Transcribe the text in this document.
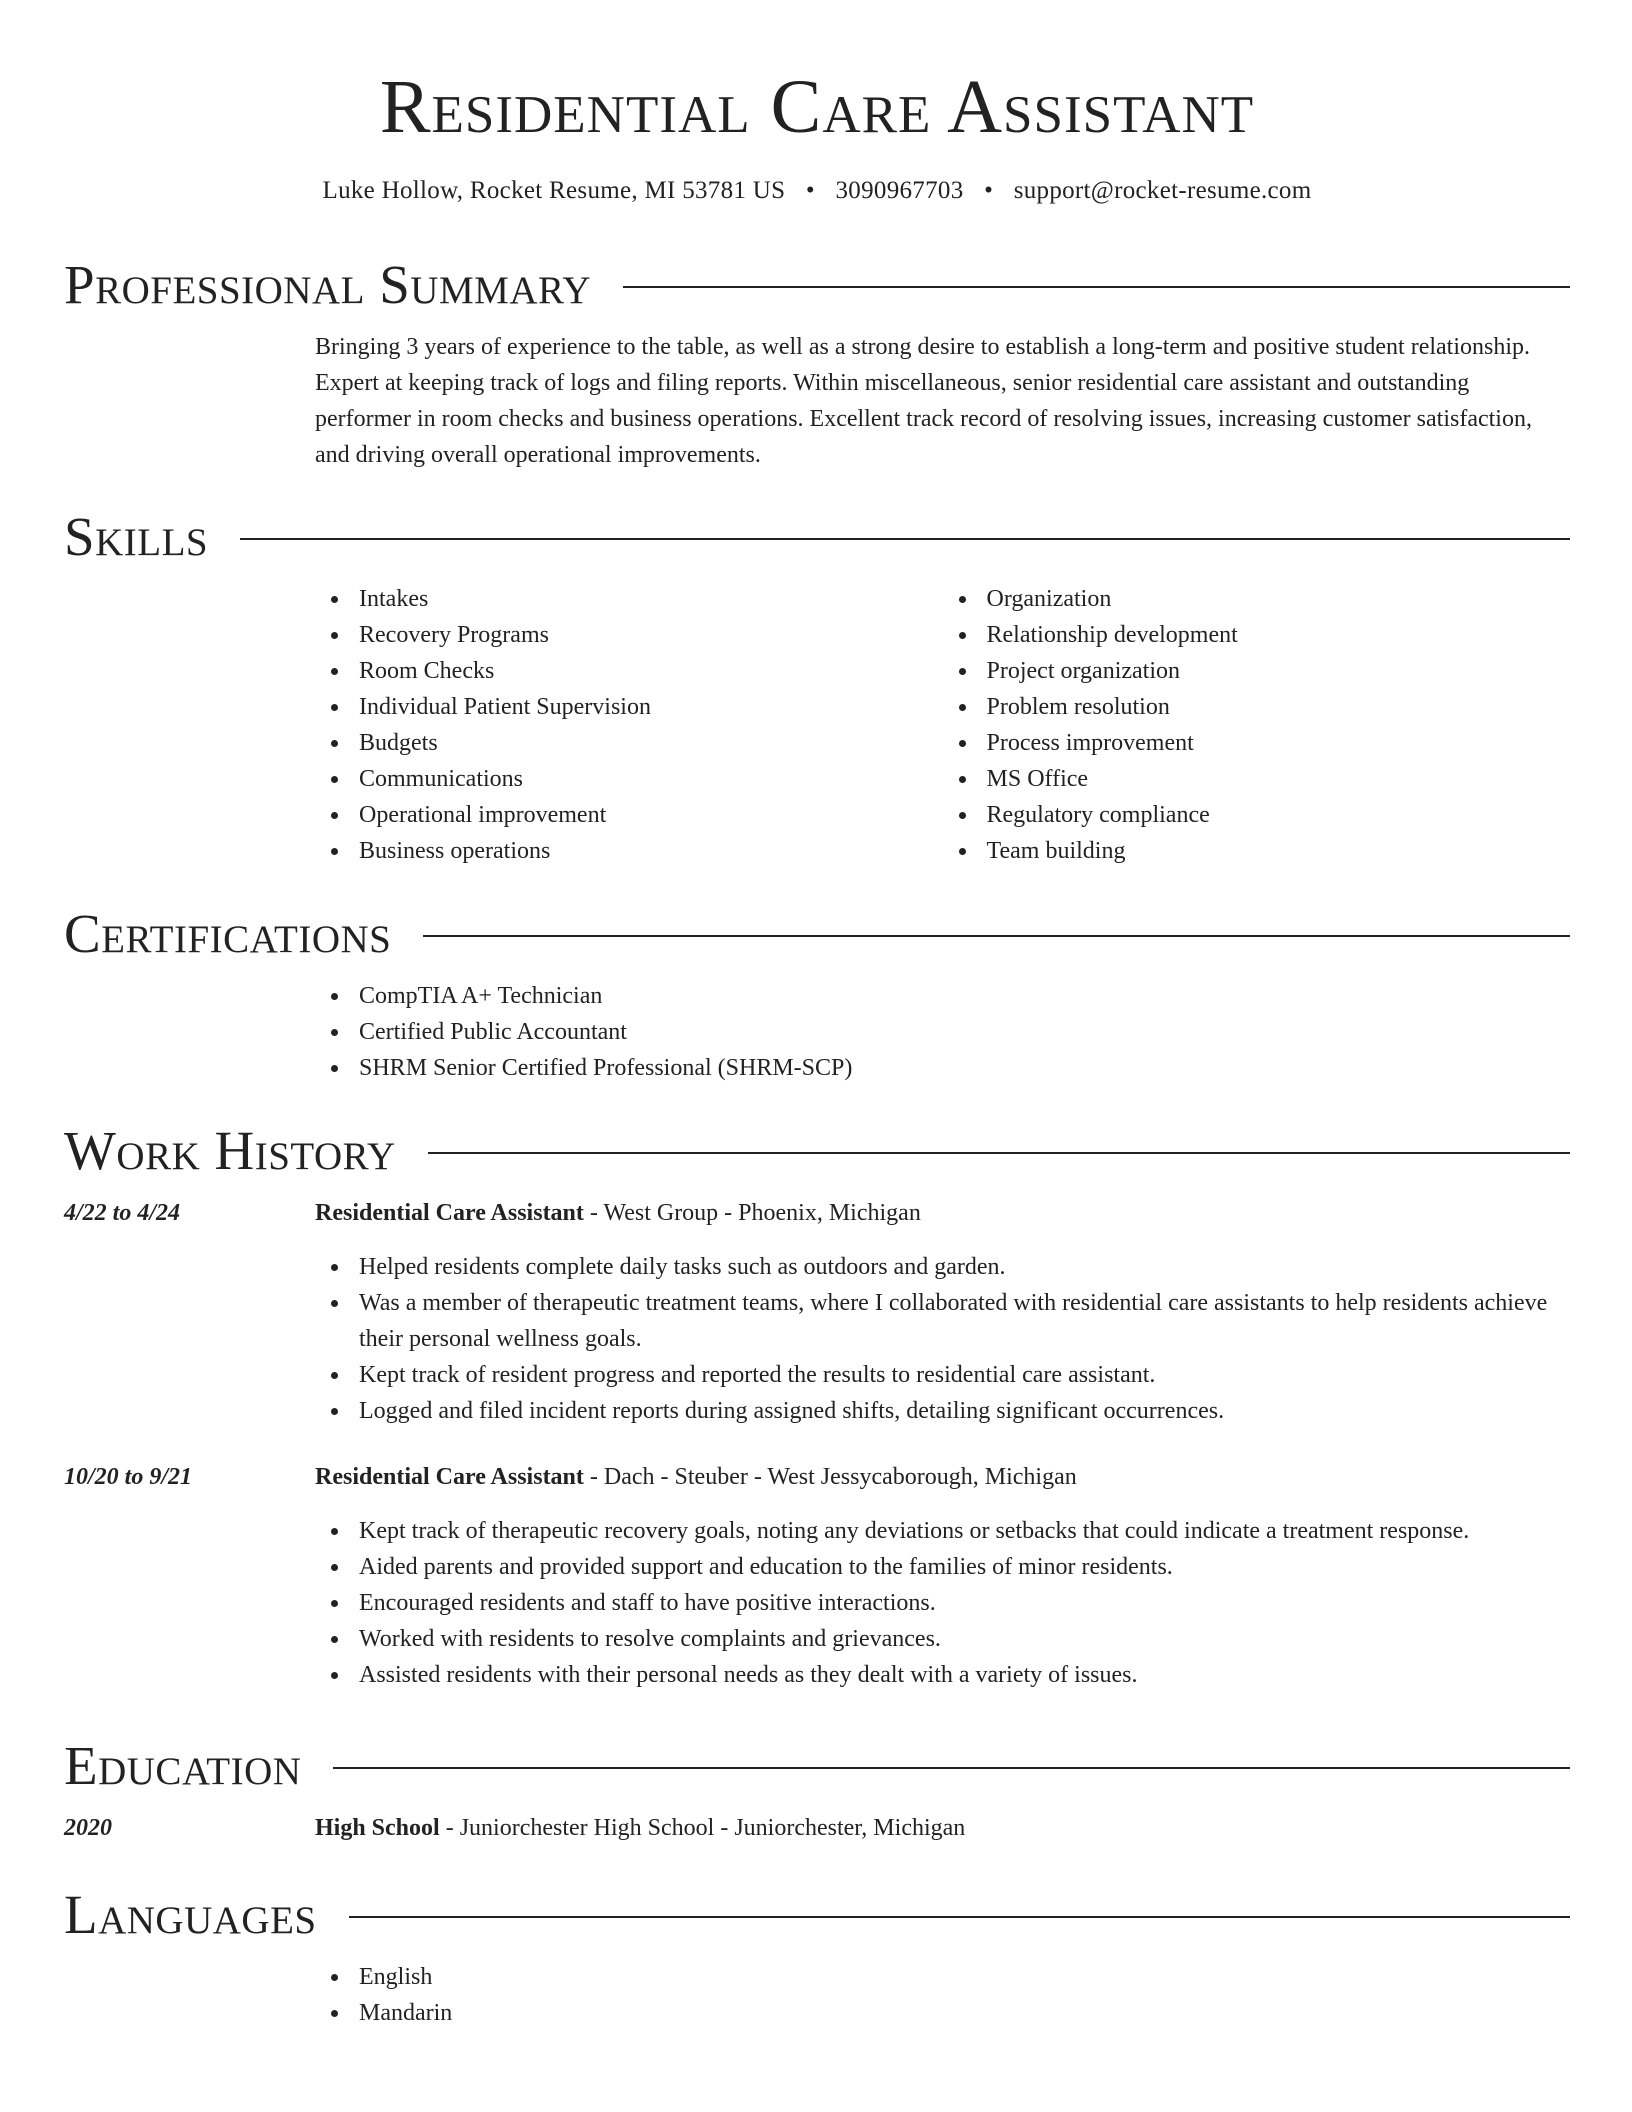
Residential Care Assistant
Luke Hollow, Rocket Resume, MI 53781 US • 3090967703 • support@rocket-resume.com
Professional Summary

Bringing 3 years of experience to the table, as well as a strong desire to establish a long-term and positive student relationship. Expert at keeping track of logs and filing reports. Within miscellaneous, senior residential care assistant and outstanding performer in room checks and business operations. Excellent track record of resolving issues, increasing customer satisfaction, and driving overall operational improvements.

Skills
Intakes
Recovery Programs
Room Checks
Individual Patient Supervision
Budgets
Communications
Operational improvement
Business operations
Organization
Relationship development
Project organization
Problem resolution
Process improvement
MS Office
Regulatory compliance
Team building
Certifications
CompTIA A+ Technician
Certified Public Accountant
SHRM Senior Certified Professional (SHRM-SCP)
Work History
4/22 to 4/24	Residential Care Assistant - West Group - Phoenix, Michigan
Helped residents complete daily tasks such as outdoors and garden.
Was a member of therapeutic treatment teams, where I collaborated with residential care assistants to help residents achieve their personal wellness goals.
Kept track of resident progress and reported the results to residential care assistant.
Logged and filed incident reports during assigned shifts, detailing significant occurrences.
10/20 to 9/21	Residential Care Assistant - Dach - Steuber - West Jessycaborough, Michigan
Kept track of therapeutic recovery goals, noting any deviations or setbacks that could indicate a treatment response.
Aided parents and provided support and education to the families of minor residents.
Encouraged residents and staff to have positive interactions.
Worked with residents to resolve complaints and grievances.
Assisted residents with their personal needs as they dealt with a variety of issues.
Education
2020	High School - Juniorchester High School - Juniorchester, Michigan
Languages
English
Mandarin
